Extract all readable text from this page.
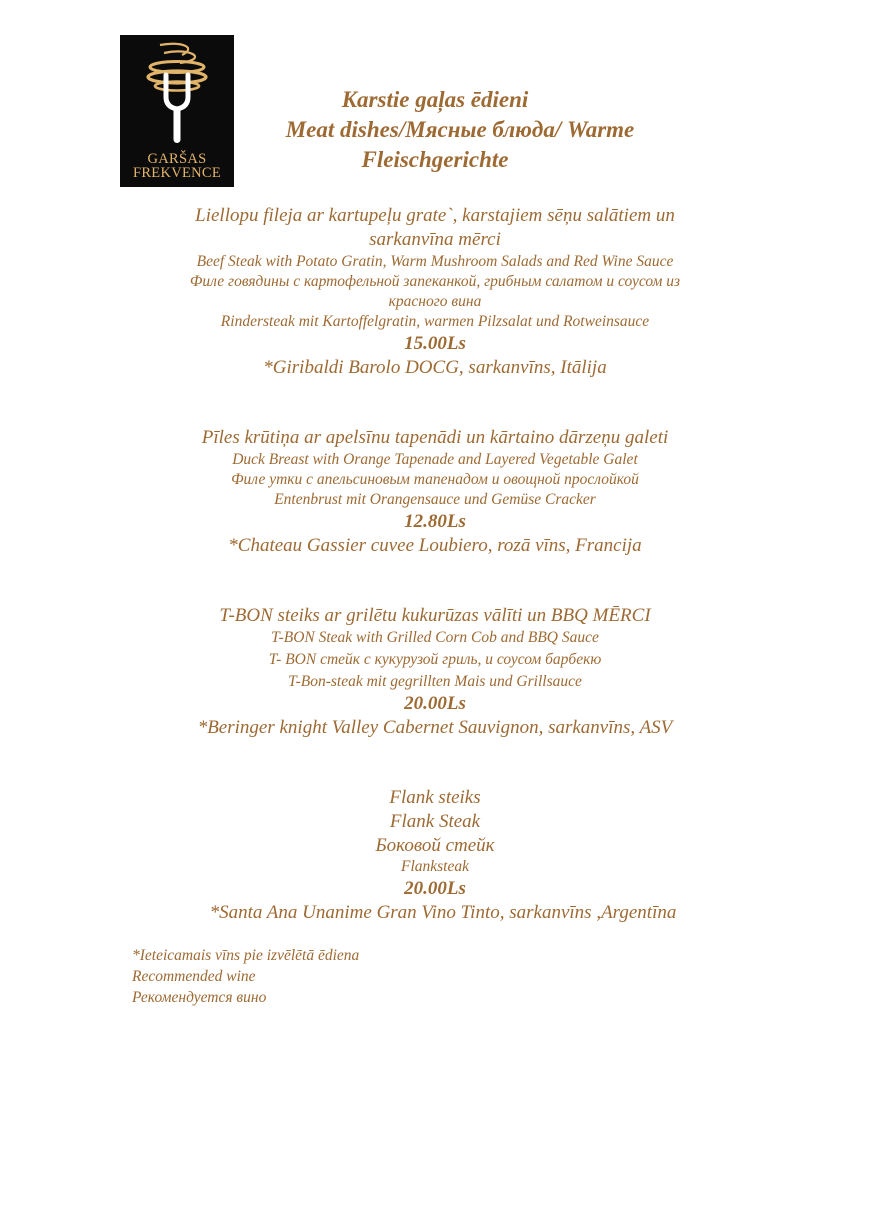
GARŠAS
FREKVENCE
Karstie gaļas ēdieni
Meat dishes/Мясные блюда/ Warme
Fleischgerichte
Liellopu fileja ar kartupeļu grate`, karstajiem sēņu salātiem un
sarkanvīna mērci
Beef Steak with Potato Gratin, Warm Mushroom Salads and Red Wine Sauce
Филе говядины с картофельной запеканкой, грибным салатом и соусом из
красного вина
Rindersteak mit Kartoffelgratin, warmen Pilzsalat und Rotweinsauce
15.00Ls
*Giribaldi Barolo DOCG, sarkanvīns, Itālija
Pīles krūtiņa ar apelsīnu tapenādi un kārtaino dārzeņu galeti
Duck Breast with Orange Tapenade and Layered Vegetable Galet
Филе утки с апельсиновым тапенадом и овощной прослойкой
Entenbrust mit Orangensauce und Gemüse Cracker
12.80Ls
*Chateau Gassier cuvee Loubiero, rozā vīns, Francija
T-BON steiks ar grilētu kukurūzas vālīti un BBQ MĒRCI
T-BON Steak with Grilled Corn Cob and BBQ Sauce
T- BON стейк с кукурузой гриль, и соусом барбекю
T-Bon-steak mit gegrillten Mais und Grillsauce
20.00Ls
*Beringer knight Valley Cabernet Sauvignon, sarkanvīns, ASV
Flank steiks
Flank Steak
Боковой стейк
Flanksteak
20.00Ls
*Santa Ana Unanime Gran Vino Tinto, sarkanvīns ,Argentīna
*Ieteicamais vīns pie izvēlētā ēdiena
Recommended wine
Рекомендуется вино
